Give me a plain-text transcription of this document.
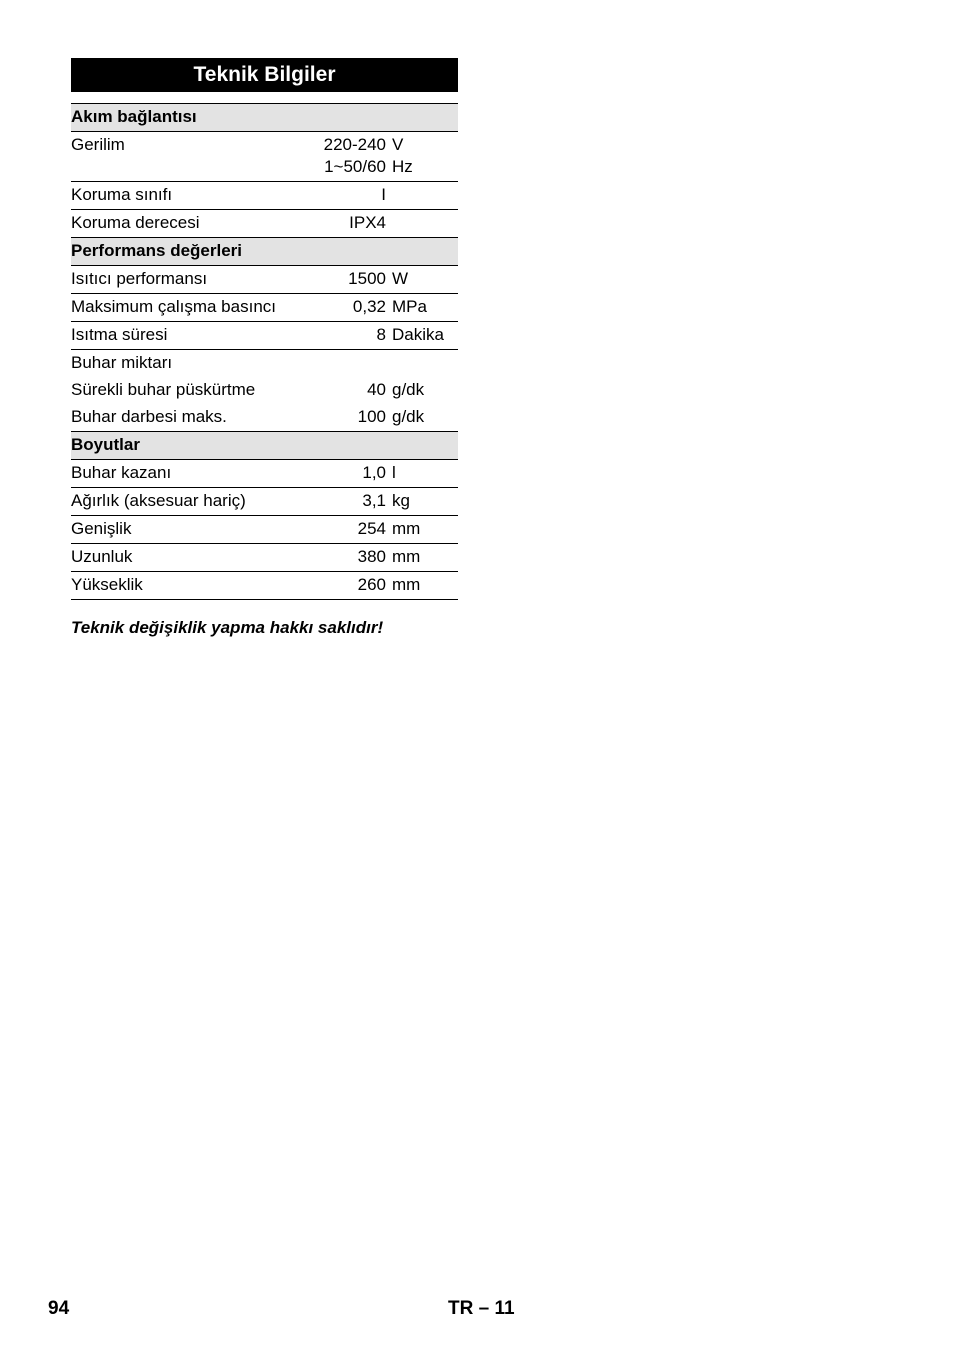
Teknik Bilgiler
Akım bağlantısı
Gerilim	220-240 V
1~50/60 Hz
Koruma sınıfı	I
Koruma derecesi	IPX4
Performans değerleri
Isıtıcı performansı	1500 W
Maksimum çalışma basıncı	0,32 MPa
Isıtma süresi	8 Dakika
Buhar miktarı
Sürekli buhar püskürtme	40 g/dk
Buhar darbesi maks.	100 g/dk
Boyutlar
Buhar kazanı	1,0 l
Ağırlık (aksesuar hariç)	3,1 kg
Genişlik	254 mm
Uzunluk	380 mm
Yükseklik	260 mm
Teknik değişiklik yapma hakkı saklıdır!
94	TR – 11
